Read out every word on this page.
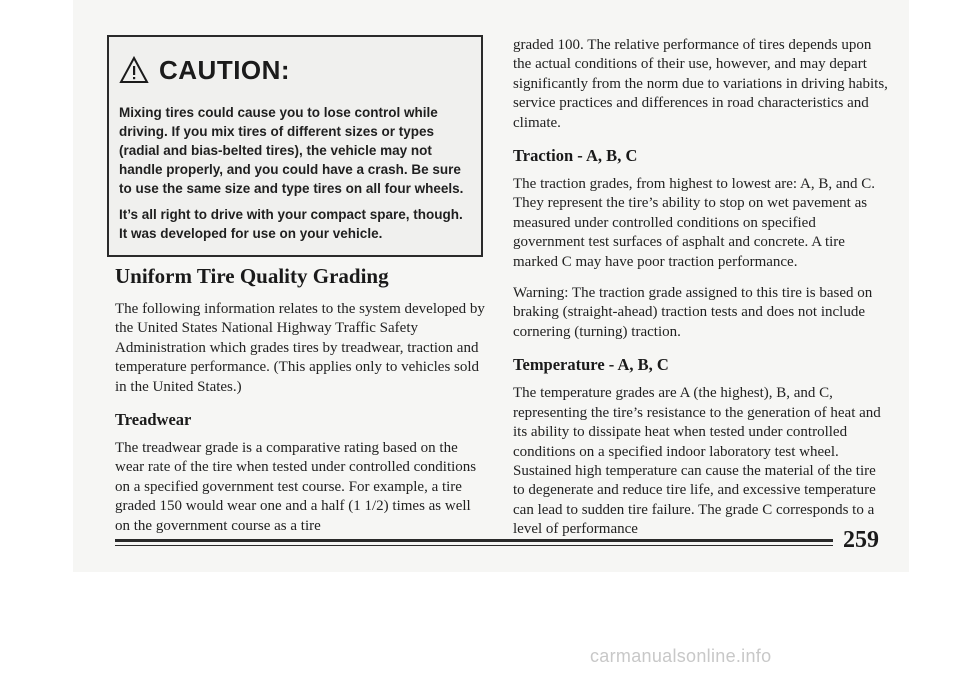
CAUTION:

Mixing tires could cause you to lose control while driving. If you mix tires of different sizes or types (radial and bias-belted tires), the vehicle may not handle properly, and you could have a crash. Be sure to use the same size and type tires on all four wheels.

It’s all right to drive with your compact spare, though. It was developed for use on your vehicle.

Uniform Tire Quality Grading

The following information relates to the system developed by the United States National Highway Traffic Safety Administration which grades tires by treadwear, traction and temperature performance. (This applies only to vehicles sold in the United States.)

Treadwear

The treadwear grade is a comparative rating based on the wear rate of the tire when tested under controlled conditions on a specified government test course. For example, a tire graded 150 would wear one and a half (1 1/2) times as well on the government course as a tire

graded 100. The relative performance of tires depends upon the actual conditions of their use, however, and may depart significantly from the norm due to variations in driving habits, service practices and differences in road characteristics and climate.

Traction - A, B, C

The traction grades, from highest to lowest are: A, B, and C. They represent the tire’s ability to stop on wet pavement as measured under controlled conditions on specified government test surfaces of asphalt and concrete. A tire marked C may have poor traction performance.

Warning: The traction grade assigned to this tire is based on braking (straight-ahead) traction tests and does not include cornering (turning) traction.

Temperature - A, B, C

The temperature grades are A (the highest), B, and C, representing the tire’s resistance to the generation of heat and its ability to dissipate heat when tested under controlled conditions on a specified indoor laboratory test wheel. Sustained high temperature can cause the material of the tire to degenerate and reduce tire life, and excessive temperature can lead to sudden tire failure. The grade C corresponds to a level of performance	259
carmanualsonline.info
